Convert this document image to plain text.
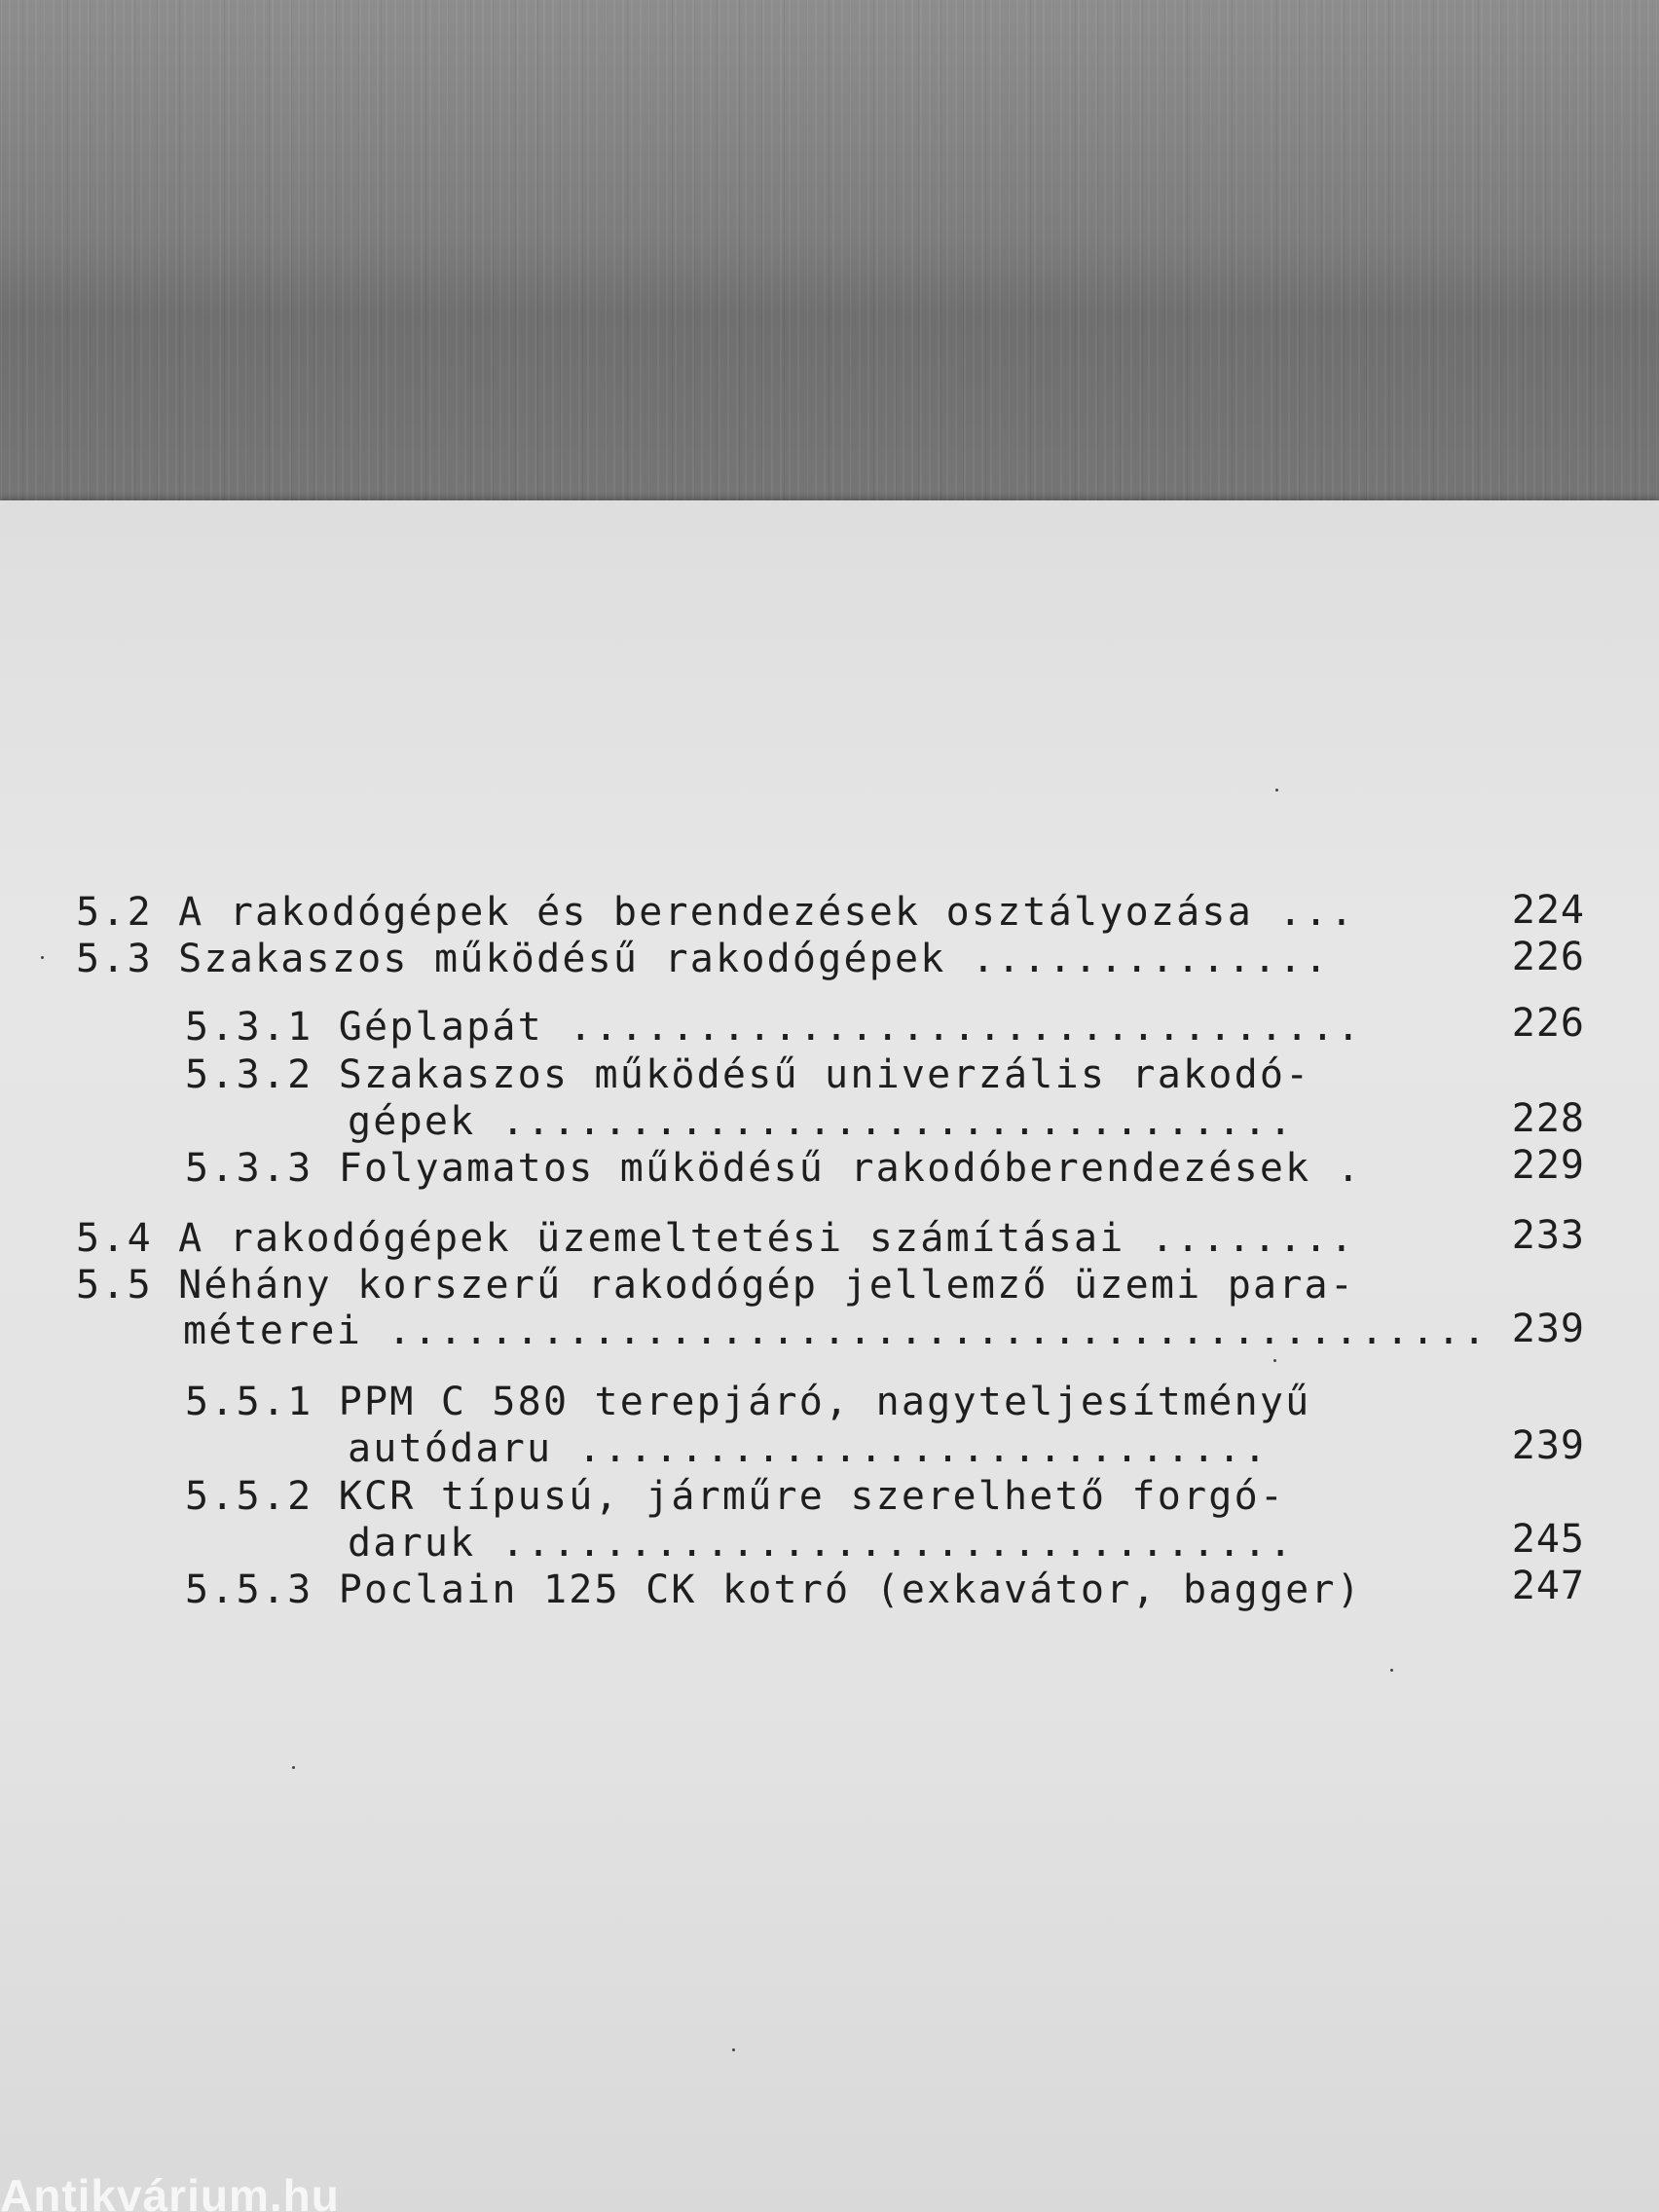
5.2 A rakodógépek és berendezések osztályozása ...	224
5.3 Szakaszos működésű rakodógépek ..............	226
5.3.1 Géplapát ...............................	226
5.3.2 Szakaszos működésű univerzális rakodó-
gépek ...............................	228
5.3.3 Folyamatos működésű rakodóberendezések .	229
5.4 A rakodógépek üzemeltetési számításai ........	233
5.5 Néhány korszerű rakodógép jellemző üzemi para-
méterei ........................................... 239
5.5.1 PPM C 580 terepjáró, nagyteljesítményű
autódaru ...........................	239
5.5.2 KCR típusú, járműre szerelhető forgó-
daruk ...............................	245
5.5.3 Poclain 125 CK kotró (exkavátor, bagger)	247
Antikvárium.hu
